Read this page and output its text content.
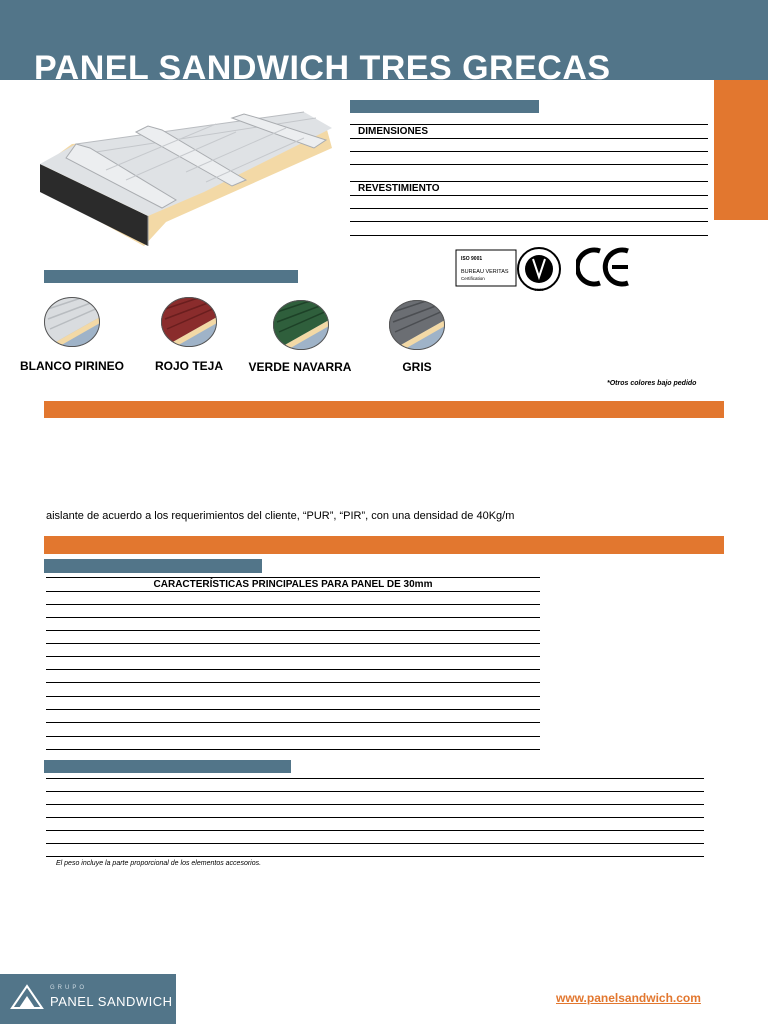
PANEL SANDWICH TRES GRECAS
DIMENSIONES
REVESTIMIENTO
ISO 9001
BUREAU VERITAS
Certification
1828
BLANCO PIRINEO	ROJO TEJA	VERDE NAVARRA	GRIS
*Otros colores bajo pedido
aislante de acuerdo a los requerimientos del cliente, “PUR”, “PIR”, con una densidad de 40Kg/m
CARACTERÍSTICAS PRINCIPALES PARA PANEL DE 30mm
El peso incluye la parte proporcional de los elementos accesorios.
GRUPO
PANEL SANDWICH	www.panelsandwich.com
